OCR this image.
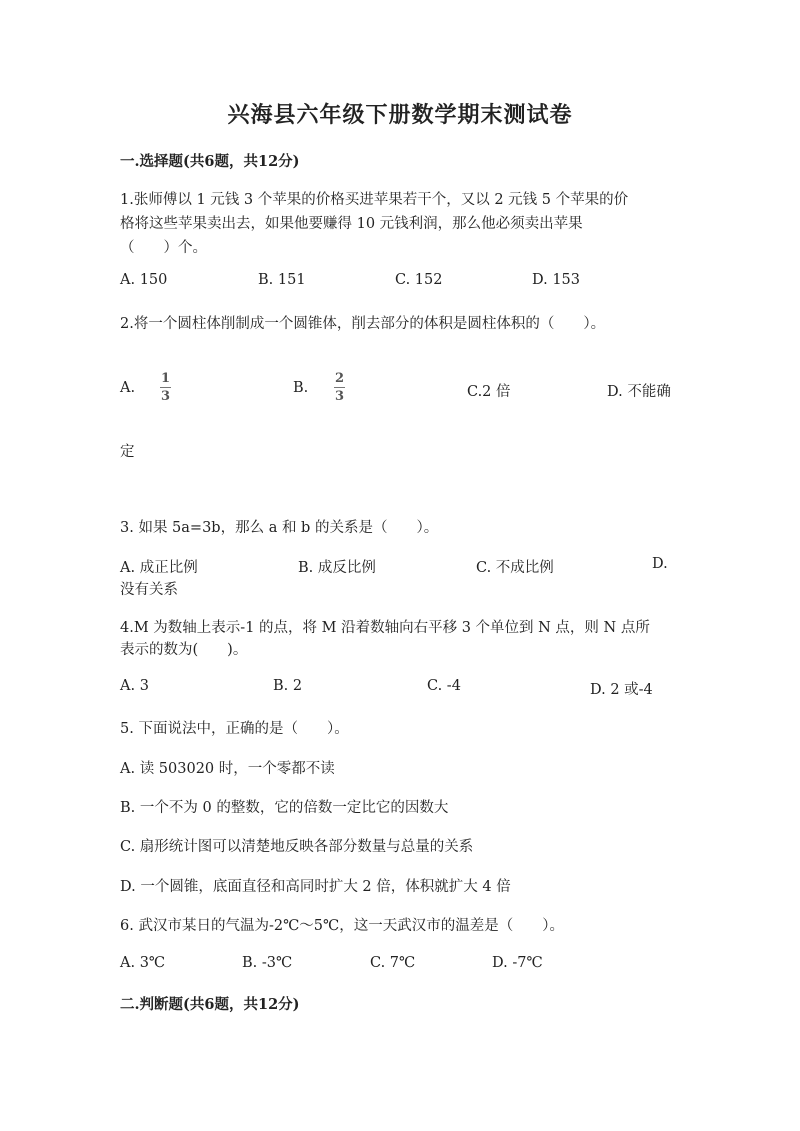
兴海县六年级下册数学期末测试卷
一.选择题(共6题，共12分)
1.张师傅以 1 元钱 3 个苹果的价格买进苹果若干个，又以 2 元钱 5 个苹果的价
格将这些苹果卖出去，如果他要赚得 10 元钱利润，那么他必须卖出苹果
（　　）个。
A. 150	B. 151	C. 152	D. 153
2.将一个圆柱体削制成一个圆锥体，削去部分的体积是圆柱体积的（　　）。
A.
1
3
B.
2
3	C.2 倍	D. 不能确
定
3. 如果 5a=3b，那么 a 和 b 的关系是（　　）。
A. 成正比例	B. 成反比例	C. 不成比例	D.
没有关系
4.M 为数轴上表示-1 的点，将 M 沿着数轴向右平移 3 个单位到 N 点，则 N 点所
表示的数为(　　)。
A. 3	B. 2	C. -4	D. 2 或-4
5. 下面说法中，正确的是（　　）。
A. 读 503020 时，一个零都不读
B. 一个不为 0 的整数，它的倍数一定比它的因数大
C. 扇形统计图可以清楚地反映各部分数量与总量的关系
D. 一个圆锥，底面直径和高同时扩大 2 倍，体积就扩大 4 倍
6. 武汉市某日的气温为-2℃～5℃，这一天武汉市的温差是（　　）。
A. 3℃	B. -3℃	C. 7℃	D. -7℃
二.判断题(共6题，共12分)
